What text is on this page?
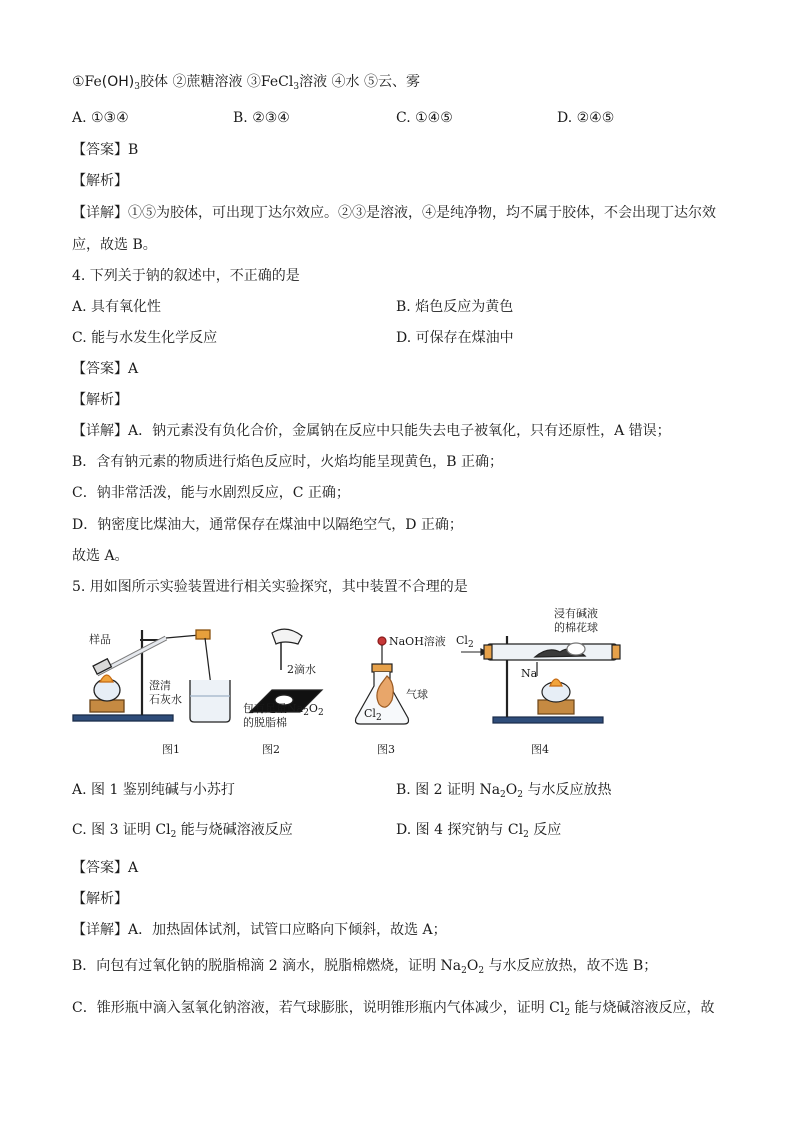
$①Fe(OH)_3$胶体 ②蔗糖溶液 ③FeCl$_3$溶液 ④水 ⑤云、雾
A. ①③④	B. ②③④	C. ①④⑤	D. ②④⑤
【答案】B
【解析】
【详解】①⑤为胶体，可出现丁达尔效应。②③是溶液，④是纯净物，均不属于胶体，不会出现丁达尔效
应，故选 B。
4. 下列关于钠的叙述中，不正确的是
A. 具有氧化性	B. 焰色反应为黄色
C. 能与水发生化学反应	D. 可保存在煤油中
【答案】A
【解析】
【详解】A．钠元素没有负化合价，金属钠在反应中只能失去电子被氧化，只有还原性，A 错误；
B．含有钠元素的物质进行焰色反应时，火焰均能呈现黄色，B 正确；
C．钠非常活泼，能与水剧烈反应，C 正确；
D．钠密度比煤油大，通常保存在煤油中以隔绝空气，D 正确；
故选 A。
5. 用如图所示实验装置进行相关实验探究，其中装置不合理的是
样品
澄清
石灰水
图1
2滴水
包有足量$Na_2O_2$
的脱脂棉
图2
NaOH溶液
气球
$Cl_2$
图3
浸有碱液
的棉花球
$Cl_2$
Na
图4
A. 图 1 鉴别纯碱与小苏打	B. 图 2 证明 $Na_2O_2$ 与水反应放热
C. 图 3 证明 $Cl_2$ 能与烧碱溶液反应	D. 图 4 探究钠与 $Cl_2$ 反应
【答案】A
【解析】
【详解】A．加热固体试剂，试管口应略向下倾斜，故选 A；
B．向包有过氧化钠的脱脂棉滴 2 滴水，脱脂棉燃烧，证明 $Na_2O_2$ 与水反应放热，故不选 B；
C．锥形瓶中滴入氢氧化钠溶液，若气球膨胀，说明锥形瓶内气体减少，证明 $Cl_2$ 能与烧碱溶液反应，故
